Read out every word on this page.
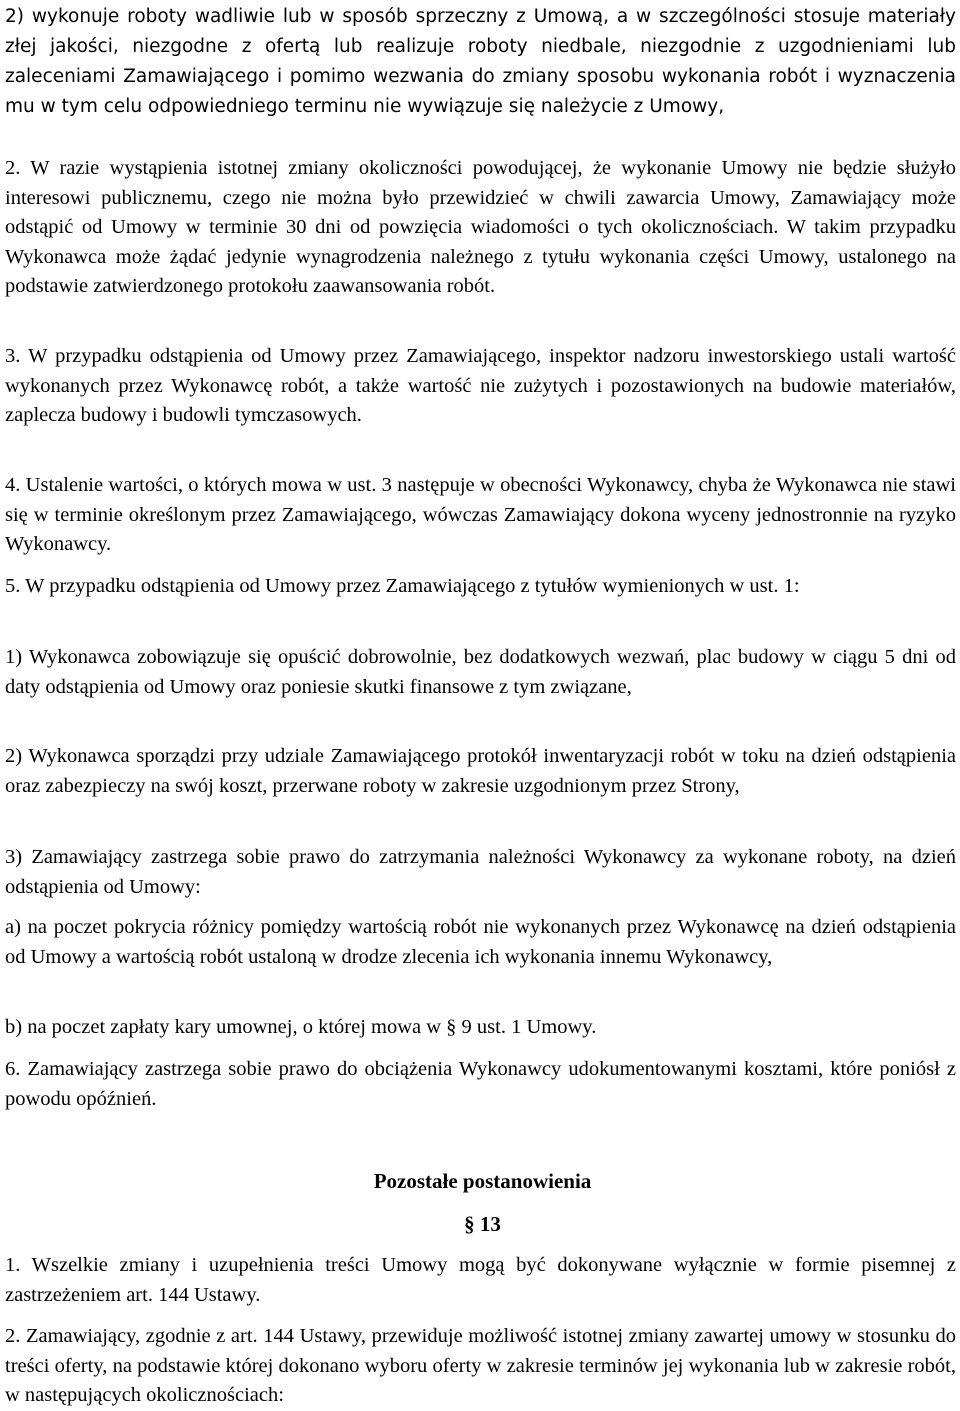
2) wykonuje roboty wadliwie lub w sposób sprzeczny z Umową, a w szczególności stosuje materiały złej jakości, niezgodne z ofertą lub realizuje roboty niedbale, niezgodnie z uzgodnieniami lub zaleceniami Zamawiającego i pomimo wezwania do zmiany sposobu wykonania robót i wyznaczenia mu w tym celu odpowiedniego terminu nie wywiązuje się należycie z Umowy,

2. W razie wystąpienia istotnej zmiany okoliczności powodującej, że wykonanie Umowy nie będzie służyło interesowi publicznemu, czego nie można było przewidzieć w chwili zawarcia Umowy, Zamawiający może odstąpić od Umowy w terminie 30 dni od powzięcia wiadomości o tych okolicznościach. W takim przypadku Wykonawca może żądać jedynie wynagrodzenia należnego z tytułu wykonania części Umowy, ustalonego na podstawie zatwierdzonego protokołu zaawansowania robót.

3. W przypadku odstąpienia od Umowy przez Zamawiającego, inspektor nadzoru inwestorskiego ustali wartość wykonanych przez Wykonawcę robót, a także wartość nie zużytych i pozostawionych na budowie materiałów, zaplecza budowy i budowli tymczasowych.

4. Ustalenie wartości, o których mowa w ust. 3 następuje w obecności Wykonawcy, chyba że Wykonawca nie stawi się w terminie określonym przez Zamawiającego, wówczas Zamawiający dokona wyceny jednostronnie na ryzyko Wykonawcy.

5. W przypadku odstąpienia od Umowy przez Zamawiającego z tytułów wymienionych w ust. 1:

1) Wykonawca zobowiązuje się opuścić dobrowolnie, bez dodatkowych wezwań, plac budowy w ciągu 5 dni od daty odstąpienia od Umowy oraz poniesie skutki finansowe z tym związane,

2) Wykonawca sporządzi przy udziale Zamawiającego protokół inwentaryzacji robót w toku na dzień odstąpienia oraz zabezpieczy na swój koszt, przerwane roboty w zakresie uzgodnionym przez Strony,

3) Zamawiający zastrzega sobie prawo do zatrzymania należności Wykonawcy za wykonane roboty, na dzień odstąpienia od Umowy:

a) na poczet pokrycia różnicy pomiędzy wartością robót nie wykonanych przez Wykonawcę na dzień odstąpienia od Umowy a wartością robót ustaloną w drodze zlecenia ich wykonania innemu Wykonawcy,

b) na poczet zapłaty kary umownej, o której mowa w § 9 ust. 1 Umowy.

6. Zamawiający zastrzega sobie prawo do obciążenia Wykonawcy udokumentowanymi kosztami, które poniósł z powodu opóźnień.

Pozostałe postanowienia

§ 13

1. Wszelkie zmiany i uzupełnienia treści Umowy mogą być dokonywane wyłącznie w formie pisemnej z zastrzeżeniem art. 144 Ustawy.

2. Zamawiający, zgodnie z art. 144 Ustawy, przewiduje możliwość istotnej zmiany zawartej umowy w stosunku do treści oferty, na podstawie której dokonano wyboru oferty w zakresie terminów jej wykonania lub w zakresie robót, w następujących okolicznościach:
